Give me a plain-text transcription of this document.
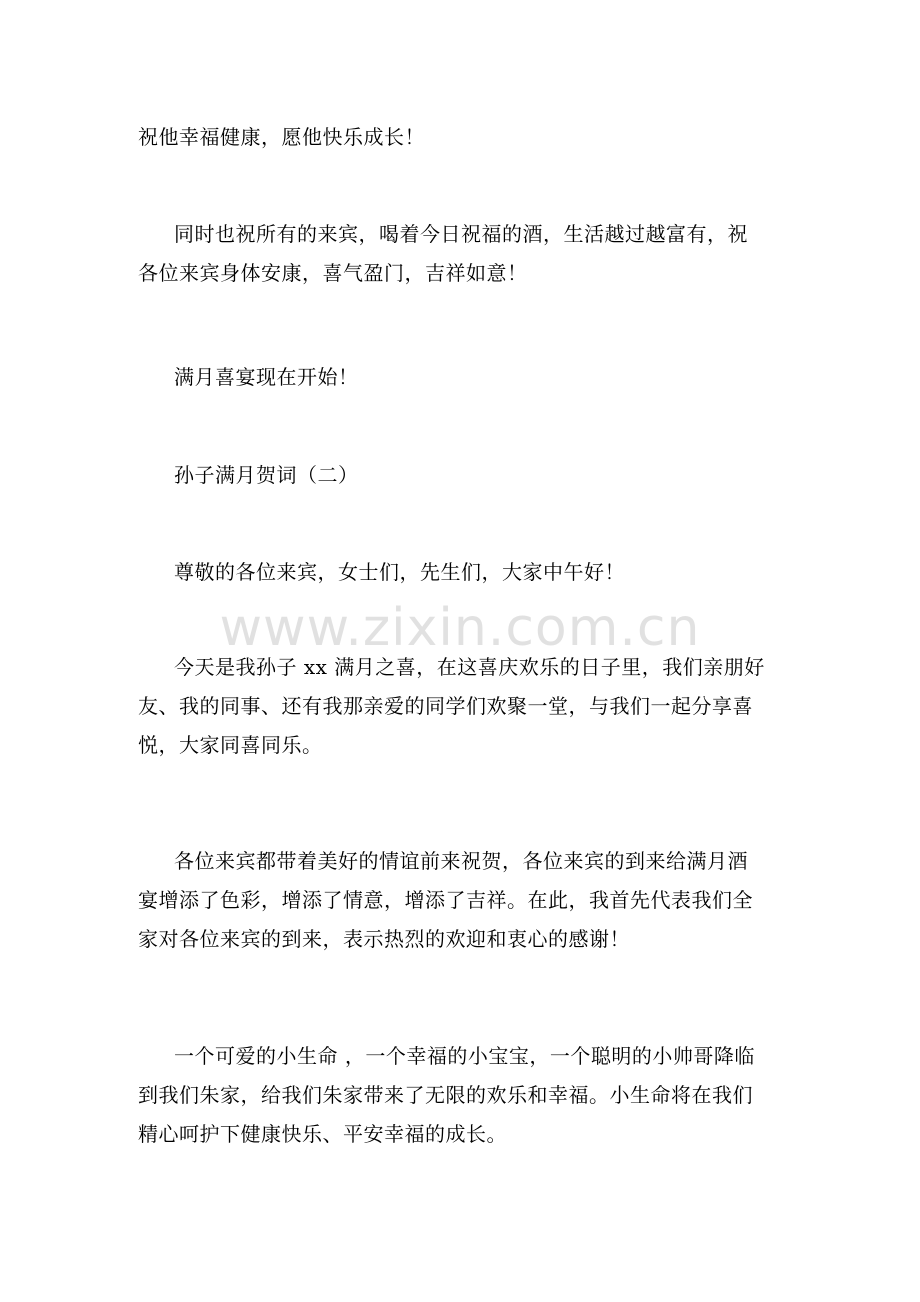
祝他幸福健康，愿他快乐成长！

同时也祝所有的来宾，喝着今日祝福的酒，生活越过越富有，祝
各位来宾身体安康，喜气盈门，吉祥如意！

满月喜宴现在开始！

孙子满月贺词（二）

尊敬的各位来宾，女士们，先生们，大家中午好！

今天是我孙子 xx 满月之喜，在这喜庆欢乐的日子里，我们亲朋好
友、我的同事、还有我那亲爱的同学们欢聚一堂，与我们一起分享喜
悦，大家同喜同乐。

各位来宾都带着美好的情谊前来祝贺，各位来宾的到来给满月酒
宴增添了色彩，增添了情意，增添了吉祥。在此，我首先代表我们全
家对各位来宾的到来，表示热烈的欢迎和衷心的感谢！

一个可爱的小生命 ，一个幸福的小宝宝，一个聪明的小帅哥降临
到我们朱家，给我们朱家带来了无限的欢乐和幸福。小生命将在我们
精心呵护下健康快乐、平安幸福的成长。

www.zixin.com.cn
